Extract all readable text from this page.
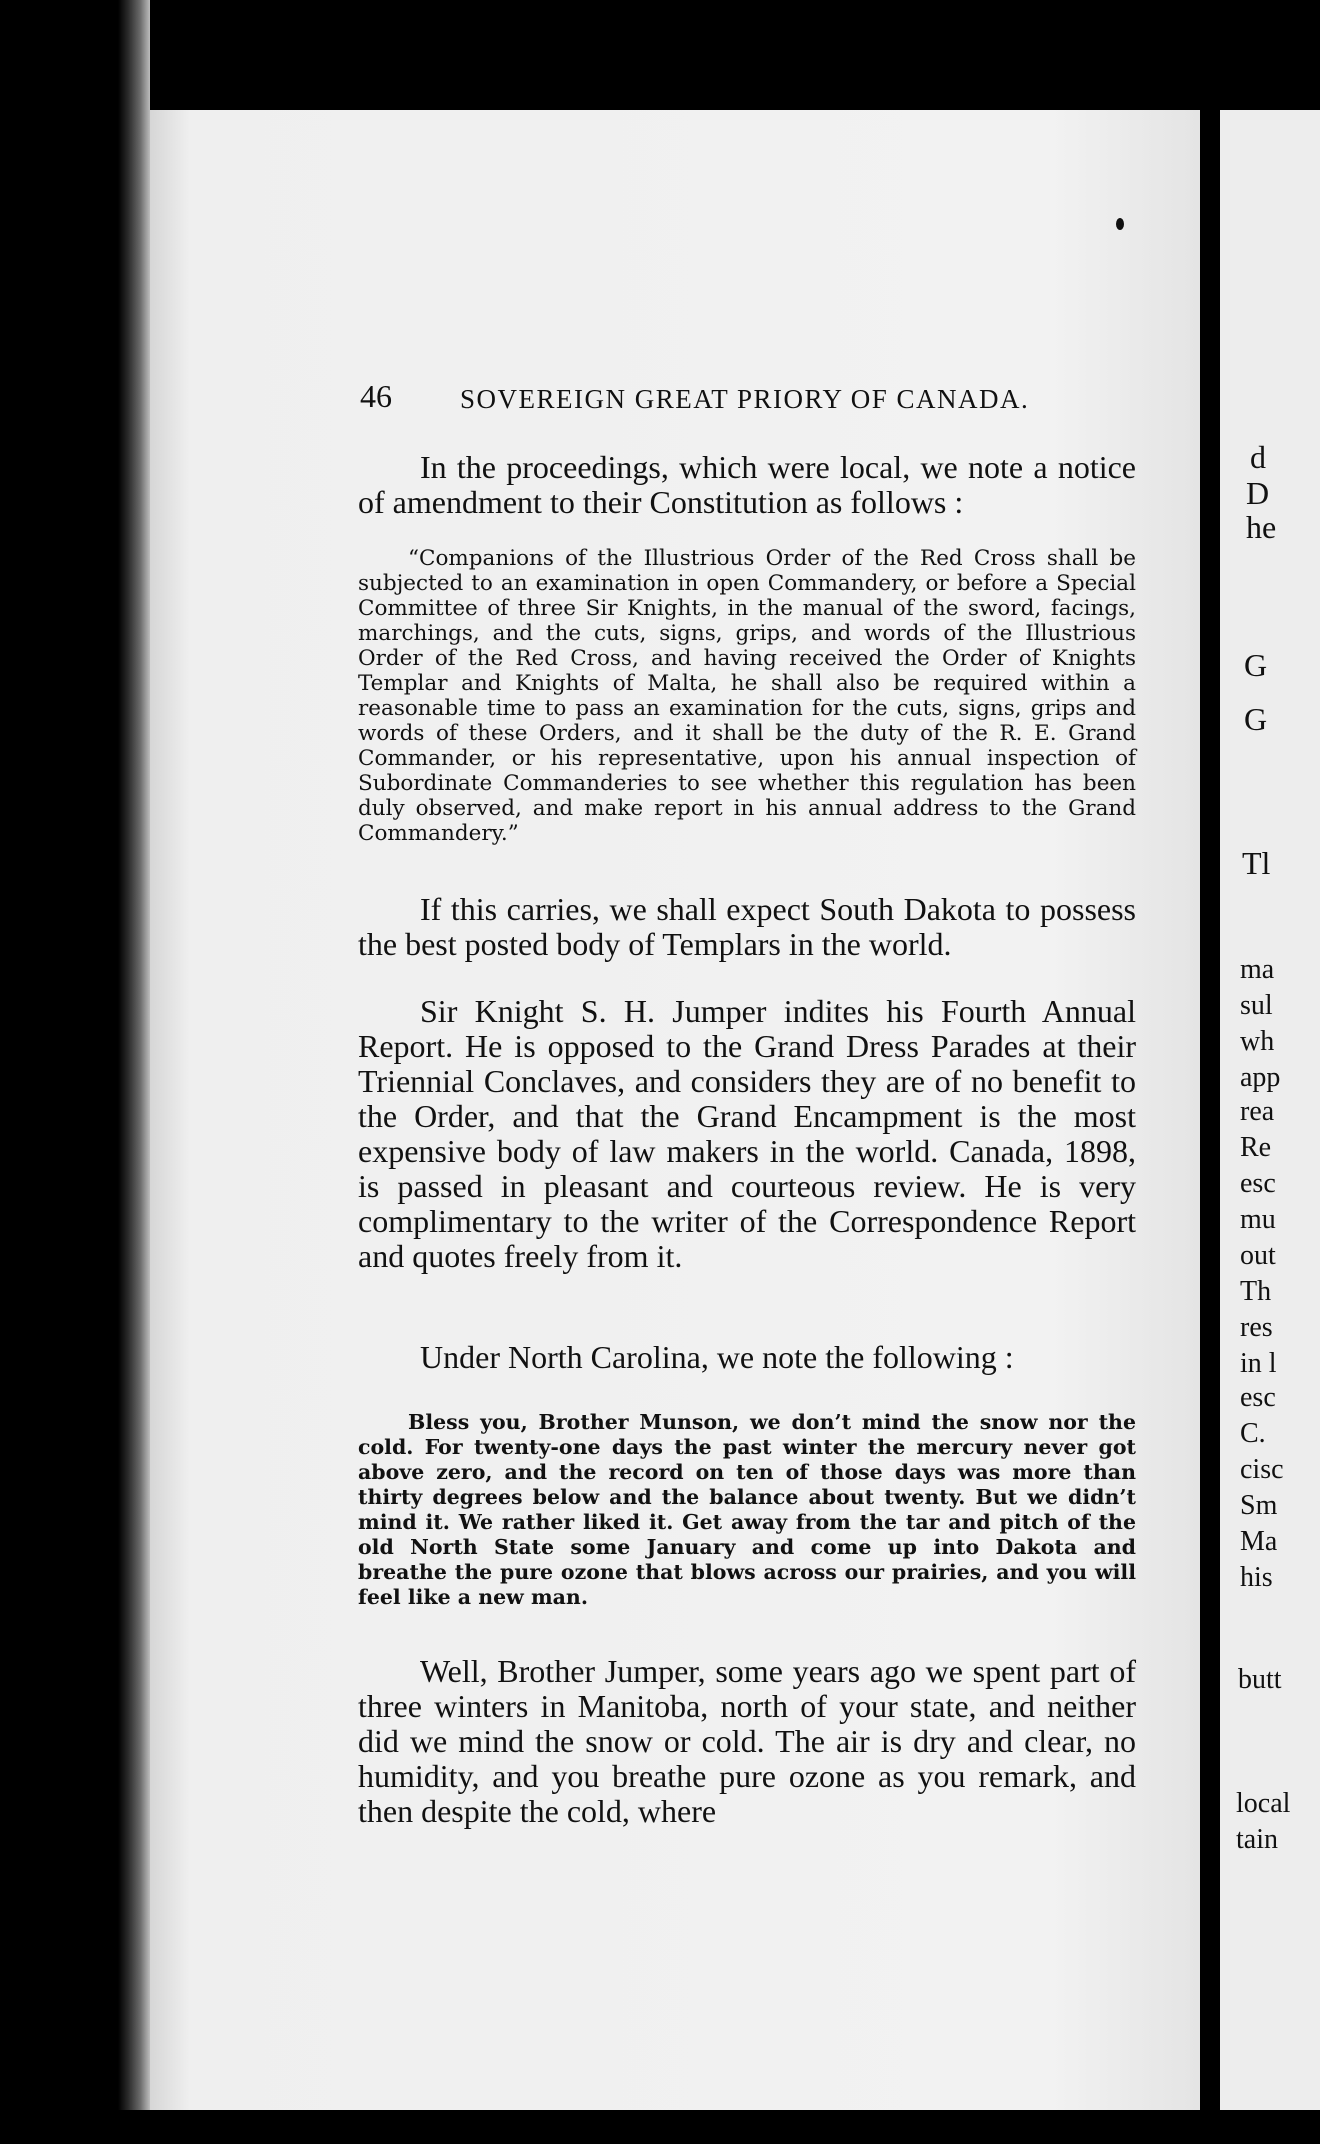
46	SOVEREIGN GREAT PRIORY OF CANADA.

In the proceedings, which were local, we note a notice of amendment to their Constitution as follows :

“Companions of the Illustrious Order of the Red Cross shall be subjected to an examination in open Commandery, or before a Special Committee of three Sir Knights, in the manual of the sword, facings, marchings, and the cuts, signs, grips, and words of the Illustrious Order of the Red Cross, and having received the Order of Knights Templar and Knights of Malta, he shall also be required within a reasonable time to pass an examination for the cuts, signs, grips and words of these Orders, and it shall be the duty of the R. E. Grand Commander, or his representative, upon his annual inspection of Subordinate Commanderies to see whether this regulation has been duly observed, and make report in his annual address to the Grand Commandery.”

If this carries, we shall expect South Dakota to possess the best posted body of Templars in the world.

Sir Knight S. H. Jumper indites his Fourth Annual Report. He is opposed to the Grand Dress Parades at their Triennial Conclaves, and considers they are of no benefit to the Order, and that the Grand Encampment is the most expensive body of law makers in the world. Canada, 1898, is passed in pleasant and courteous review. He is very complimentary to the writer of the Correspondence Report and quotes freely from it.

Under North Carolina, we note the following :

Bless you, Brother Munson, we don’t mind the snow nor the cold. For twenty-one days the past winter the mercury never got above zero, and the record on ten of those days was more than thirty degrees below and the balance about twenty. But we didn’t mind it. We rather liked it. Get away from the tar and pitch of the old North State some January and come up into Dakota and breathe the pure ozone that blows across our prairies, and you will feel like a new man.

Well, Brother Jumper, some years ago we spent part of three winters in Manitoba, north of your state, and neither did we mind the snow or cold. The air is dry and clear, no humidity, and you breathe pure ozone as you remark, and then despite the cold, where

d
D
he
G
G
Tl
ma
sul
wh
app
rea
Re
esc
mu
out
Th
res
in l
esc
C.
cisc
Sm
Ma
his
butt
local
tain
